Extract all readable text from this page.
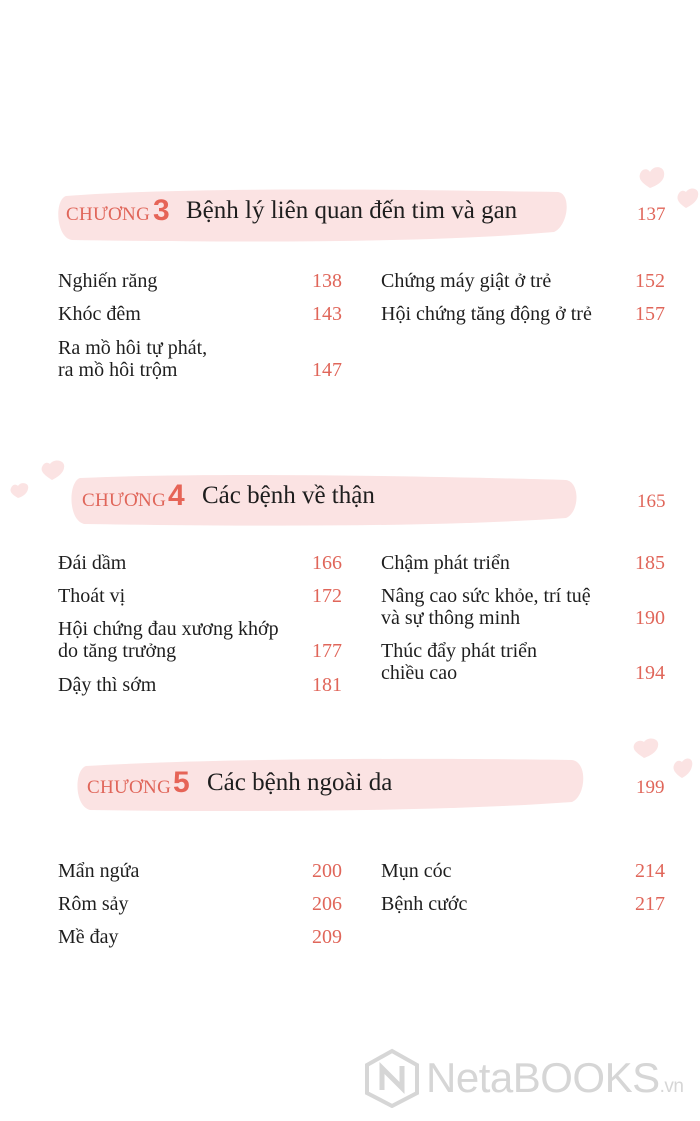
CHƯƠNG 3 Bệnh lý liên quan đến tim và gan	137
Nghiến răng	138
Khóc đêm	143
Ra mồ hôi tự phát,
ra mồ hôi trộm	147
Chứng máy giật ở trẻ	152
Hội chứng tăng động ở trẻ 157
CHƯƠNG 4 Các bệnh về thận	165
Đái dầm	166
Thoát vị	172
Hội chứng đau xương khớp
do tăng trưởng	177
Dậy thì sớm	181
Chậm phát triển	185
Nâng cao sức khỏe, trí tuệ
và sự thông minh	190
Thúc đẩy phát triển
chiều cao	194
CHƯƠNG 5 Các bệnh ngoài da	199
Mẩn ngứa	200
Rôm sảy	206
Mề đay	209
Mụn cóc	214
Bệnh cước	217
NetaBOOKS.vn
